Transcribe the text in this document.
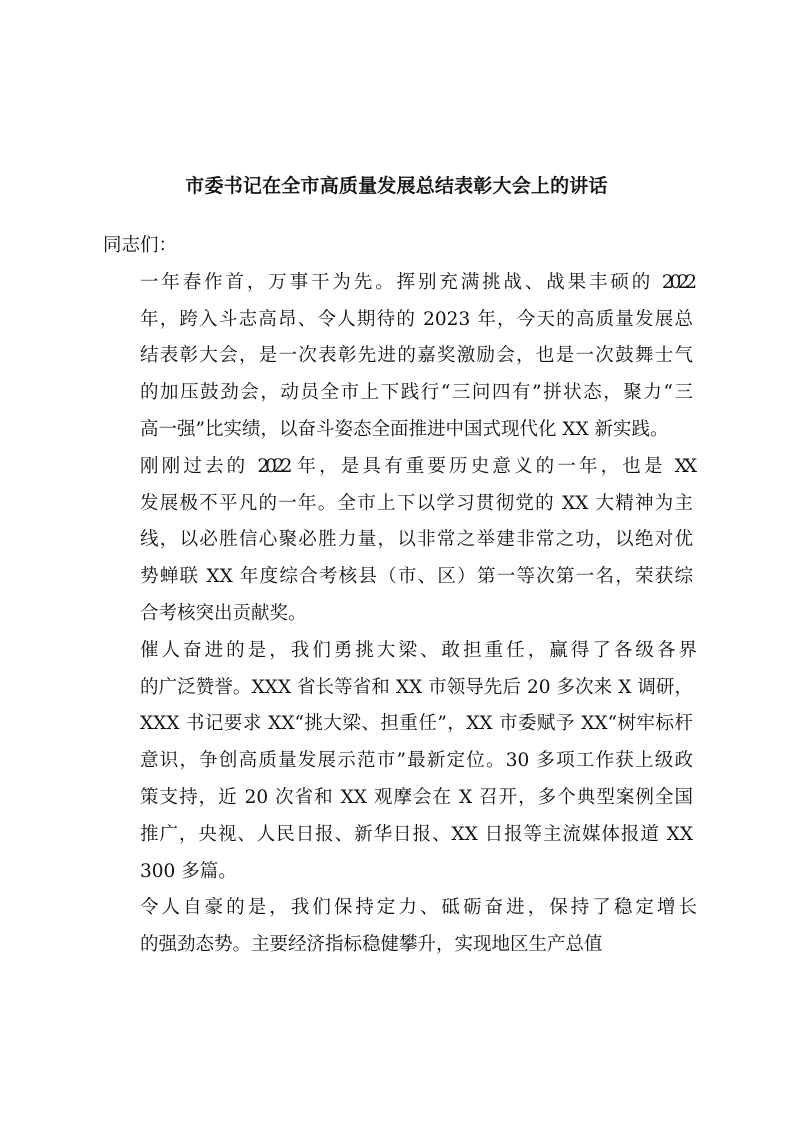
市委书记在全市高质量发展总结表彰大会上的讲话

同志们：

一年春作首，万事干为先。挥别充满挑战、战果丰硕的 2022
年，跨入斗志高昂、令人期待的 2023 年，今天的高质量发展总
结表彰大会，是一次表彰先进的嘉奖激励会，也是一次鼓舞士气
的加压鼓劲会，动员全市上下践行“三问四有”拼状态，聚力“三
高一强”比实绩，以奋斗姿态全面推进中国式现代化 XX 新实践。

刚刚过去的 2022 年，是具有重要历史意义的一年，也是 XX
发展极不平凡的一年。全市上下以学习贯彻党的 XX 大精神为主
线，以必胜信心聚必胜力量，以非常之举建非常之功，以绝对优
势蝉联 XX 年度综合考核县（市、区）第一等次第一名，荣获综
合考核突出贡献奖。

催人奋进的是，我们勇挑大梁、敢担重任，赢得了各级各界
的广泛赞誉。XXX 省长等省和 XX 市领导先后 20 多次来 X 调研，
XXX 书记要求 XX“挑大梁、担重任”，XX 市委赋予 XX“树牢标杆
意识，争创高质量发展示范市”最新定位。30 多项工作获上级政
策支持，近 20 次省和 XX 观摩会在 X 召开，多个典型案例全国
推广，央视、人民日报、新华日报、XX 日报等主流媒体报道 XX
300 多篇。

令人自豪的是，我们保持定力、砥砺奋进，保持了稳定增长
的强劲态势。主要经济指标稳健攀升，实现地区生产总值
